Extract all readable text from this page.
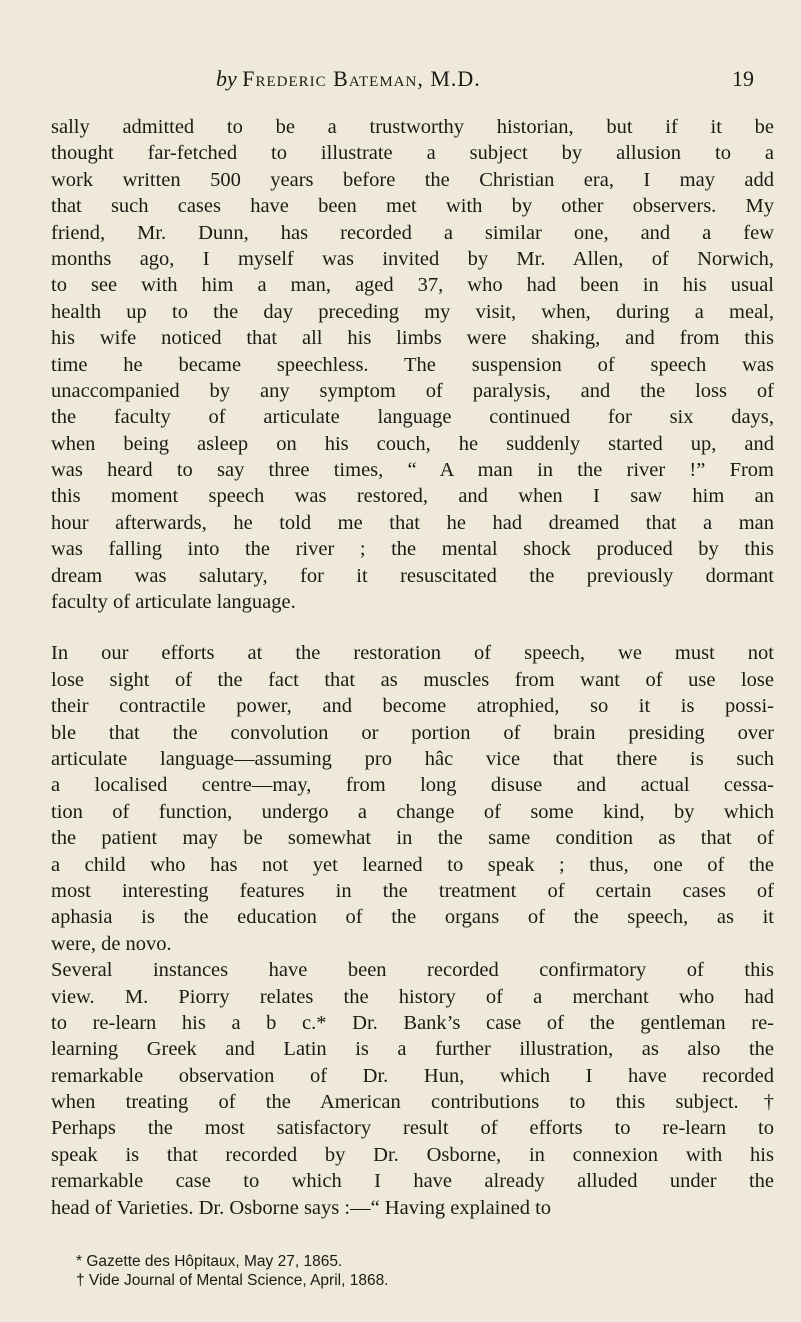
by Frederic Bateman, M.D.	19
sally admitted to be a trustworthy historian, but if it be
thought far-fetched to illustrate a subject by allusion to a
work written 500 years before the Christian era, I may add
that such cases have been met with by other observers. My
friend, Mr. Dunn, has recorded a similar one, and a few
months ago, I myself was invited by Mr. Allen, of Norwich,
to see with him a man, aged 37, who had been in his usual
health up to the day preceding my visit, when, during a meal,
his wife noticed that all his limbs were shaking, and from this
time he became speechless. The suspension of speech was
unaccompanied by any symptom of paralysis, and the loss of
the faculty of articulate language continued for six days,
when being asleep on his couch, he suddenly started up, and
was heard to say three times, “ A man in the river !” From
this moment speech was restored, and when I saw him an
hour afterwards, he told me that he had dreamed that a man
was falling into the river ; the mental shock produced by this
dream was salutary, for it resuscitated the previously dormant
faculty of articulate language.
In our efforts at the restoration of speech, we must not
lose sight of the fact that as muscles from want of use lose
their contractile power, and become atrophied, so it is possi-
ble that the convolution or portion of brain presiding over
articulate language—assuming pro hâc vice that there is such
a localised centre—may, from long disuse and actual cessa-
tion of function, undergo a change of some kind, by which
the patient may be somewhat in the same condition as that of
a child who has not yet learned to speak ; thus, one of the
most interesting features in the treatment of certain cases of
aphasia is the education of the organs of the speech, as it
were, de novo.
Several instances have been recorded confirmatory of this
view. M. Piorry relates the history of a merchant who had
to re-learn his a b c.* Dr. Bank’s case of the gentleman re-
learning Greek and Latin is a further illustration, as also the
remarkable observation of Dr. Hun, which I have recorded
when treating of the American contributions to this subject.†
Perhaps the most satisfactory result of efforts to re-learn to
speak is that recorded by Dr. Osborne, in connexion with his
remarkable case to which I have already alluded under the
head of Varieties. Dr. Osborne says :—“ Having explained to
* Gazette des Hôpitaux, May 27, 1865.
† Vide Journal of Mental Science, April, 1868.
